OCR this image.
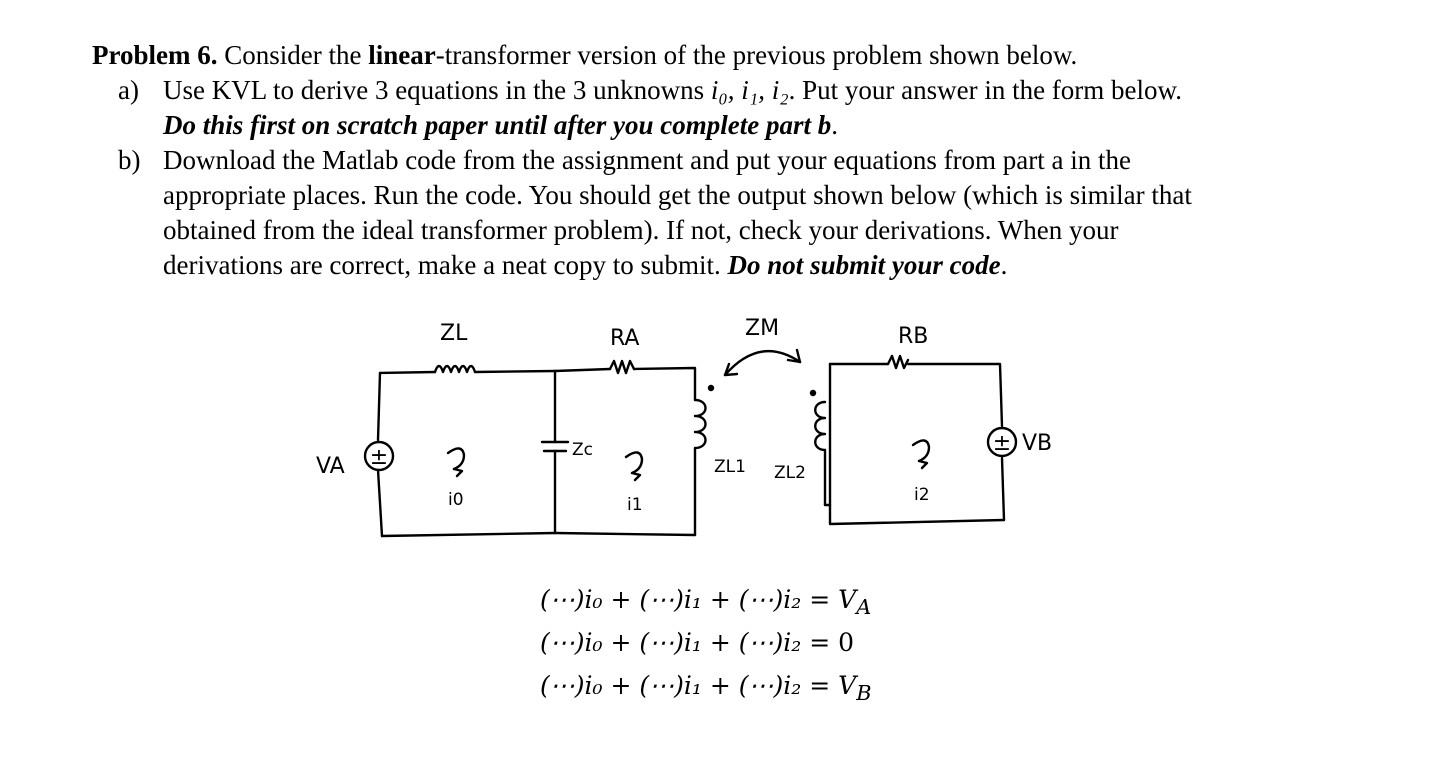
Problem 6. Consider the linear-transformer version of the previous problem shown below.

a) Use KVL to derive 3 equations in the 3 unknowns i₀, i₁, i₂. Put your answer in the form below.
Do this first on scratch paper until after you complete part b.
b) Download the Matlab code from the assignment and put your equations from part a in the
appropriate places. Run the code. You should get the output shown below (which is similar that
obtained from the ideal transformer problem). If not, check your derivations. When your
derivations are correct, make a neat copy to submit. Do not submit your code.
±
±
ZL	RA	ZM	RB
VA
VB
Zc
ZL1 ZL2
i0	i1	i2
(⋯)i₀ + (⋯)i₁ + (⋯)i₂ = $V_A$
(⋯)i₀ + (⋯)i₁ + (⋯)i₂ = 0
(⋯)i₀ + (⋯)i₁ + (⋯)i₂ = $V_B$
